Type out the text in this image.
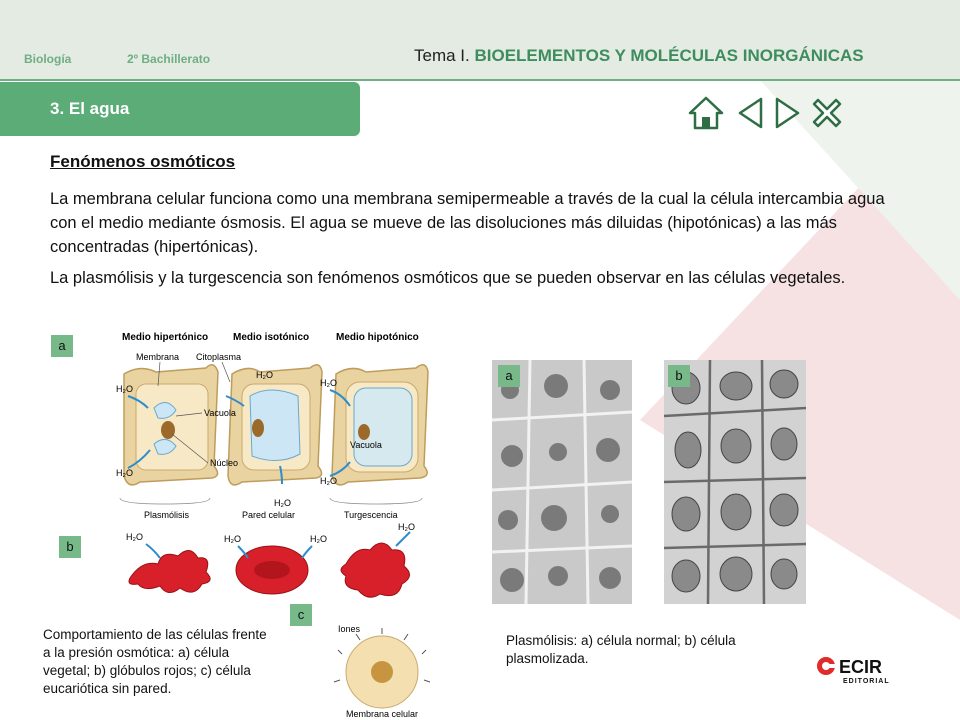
Biología	2º Bachillerato	Tema I. BIOELEMENTOS Y MOLÉCULAS INORGÁNICAS
3. El agua
Fenómenos osmóticos
La membrana celular funciona como una membrana semipermeable a través de la cual la célula intercambia agua con el medio mediante ósmosis. El agua se mueve de las disoluciones más diluidas (hipotónicas) a las más concentradas (hipertónicas).
La plasmólisis y la turgescencia son fenómenos osmóticos que se pueden observar en las células vegetales.
a
b
c
Medio hipertónico Medio isotónico	Medio hipotónico
H₂O
H₂O
H₂O
H₂O
H₂O
H₂O
Membrana Citoplasma
Vacuola
Vacuola
Núcleo
Pared celular
Plasmólisis	Turgescencia
H₂O	H₂O	H₂O
H₂O
Iones
Membrana celular
Comportamiento de las células frente a la presión osmótica: a) célula vegetal; b) glóbulos rojos; c) célula eucariótica sin pared.
a	b
Plasmólisis: a) célula normal; b) célula plasmolizada.	ECIR
EDITORIAL
